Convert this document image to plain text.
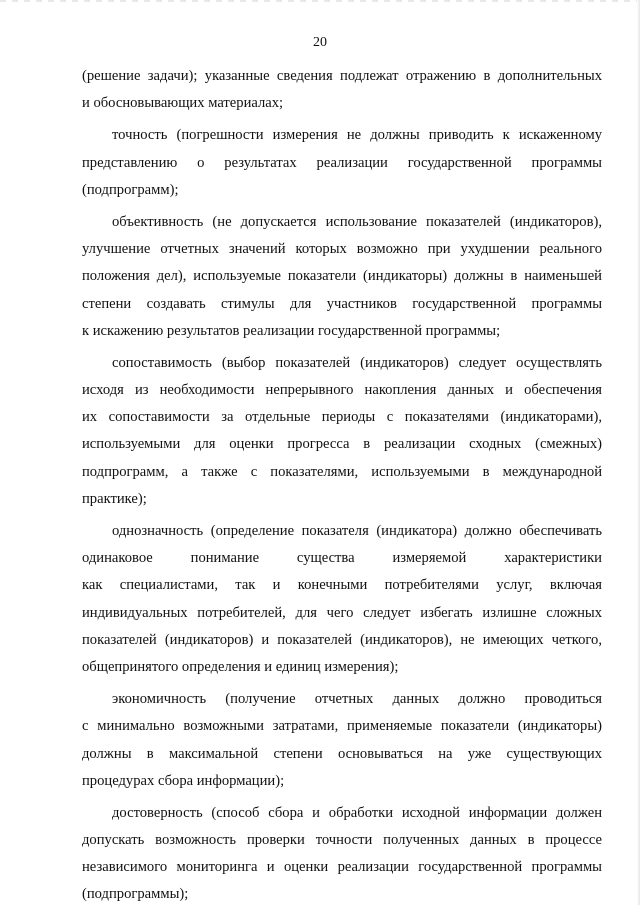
20
(решение задачи); указанные сведения подлежат отражению в дополнительных
и обосновывающих материалах;
точность (погрешности измерения не должны приводить к искаженному
представлению о результатах реализации государственной программы
(подпрограмм);
объективность (не допускается использование показателей (индикаторов),
улучшение отчетных значений которых возможно при ухудшении реального
положения дел), используемые показатели (индикаторы) должны в наименьшей
степени создавать стимулы для участников государственной программы
к искажению результатов реализации государственной программы;
сопоставимость (выбор показателей (индикаторов) следует осуществлять
исходя из необходимости непрерывного накопления данных и обеспечения
их сопоставимости за отдельные периоды с показателями (индикаторами),
используемыми для оценки прогресса в реализации сходных (смежных)
подпрограмм, а также с показателями, используемыми в международной
практике);
однозначность (определение показателя (индикатора) должно обеспечивать
одинаковое понимание существа измеряемой характеристики
как специалистами, так и конечными потребителями услуг, включая
индивидуальных потребителей, для чего следует избегать излишне сложных
показателей (индикаторов) и показателей (индикаторов), не имеющих четкого,
общепринятого определения и единиц измерения);
экономичность (получение отчетных данных должно проводиться
с минимально возможными затратами, применяемые показатели (индикаторы)
должны в максимальной степени основываться на уже существующих
процедурах сбора информации);
достоверность (способ сбора и обработки исходной информации должен
допускать возможность проверки точности полученных данных в процессе
независимого мониторинга и оценки реализации государственной программы
(подпрограммы);
